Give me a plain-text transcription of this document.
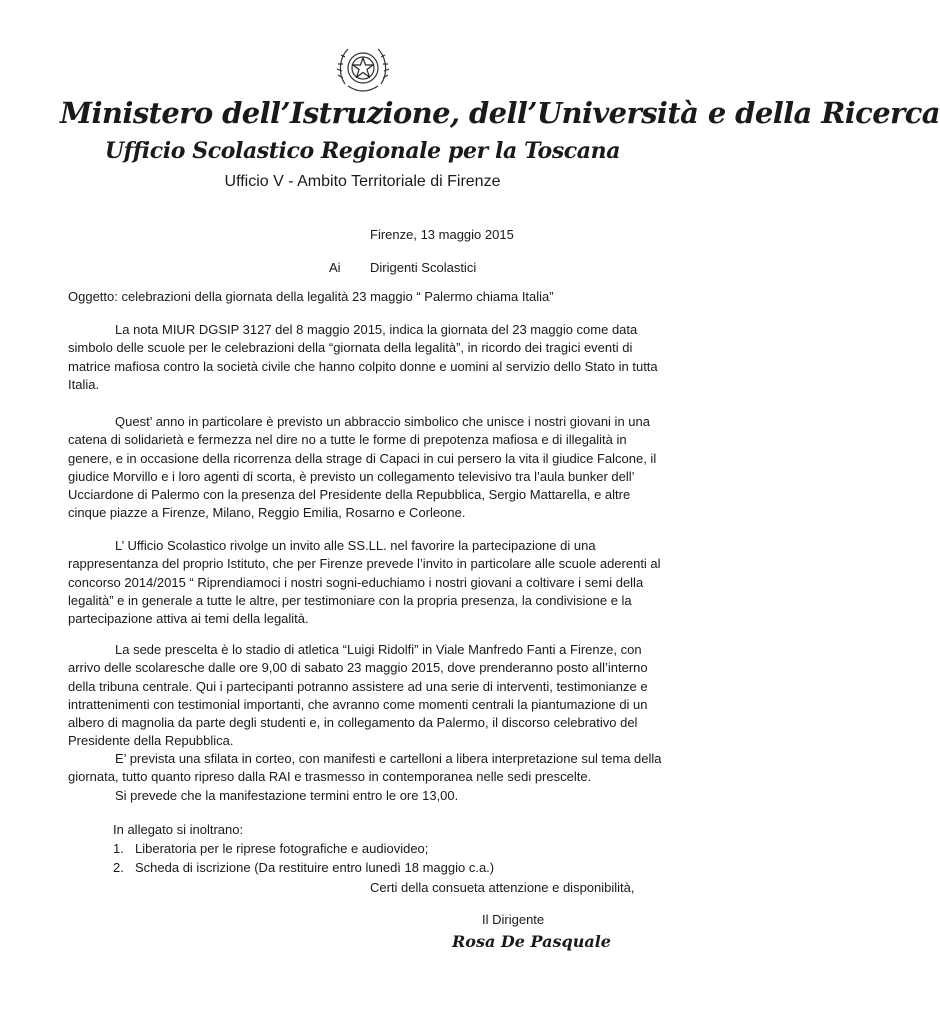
Ministero dell’Istruzione, dell’Università e della Ricerca
Ufficio Scolastico Regionale per la Toscana
Ufficio V - Ambito Territoriale di Firenze
Firenze, 13 maggio 2015
Ai Dirigenti Scolastici
Oggetto: celebrazioni della giornata della legalità 23 maggio “ Palermo chiama Italia”

La nota MIUR DGSIP 3127 del 8 maggio 2015, indica la giornata del 23 maggio come data simbolo delle scuole per le celebrazioni della “giornata della legalità”, in ricordo dei tragici eventi di matrice mafiosa contro la società civile che hanno colpito donne e uomini al servizio dello Stato in tutta Italia.

Quest’ anno in particolare è previsto un abbraccio simbolico che unisce i nostri giovani in una catena di solidarietà e fermezza nel dire no a tutte le forme di prepotenza mafiosa e di illegalità in genere, e in occasione della ricorrenza della strage di Capaci in cui persero la vita il giudice Falcone, il giudice Morvillo e i loro agenti di scorta, è previsto un collegamento televisivo tra l’aula bunker dell’ Ucciardone di Palermo con la presenza del Presidente della Repubblica, Sergio Mattarella, e altre cinque piazze a Firenze, Milano, Reggio Emilia, Rosarno e Corleone.

L’ Ufficio Scolastico rivolge un invito alle SS.LL. nel favorire la partecipazione di una rappresentanza del proprio Istituto, che per Firenze prevede l’invito in particolare alle scuole aderenti al concorso 2014/2015 “ Riprendiamoci i nostri sogni-educhiamo i nostri giovani a coltivare i semi della legalità” e in generale a tutte le altre, per testimoniare con la propria presenza, la condivisione e la partecipazione attiva ai temi della legalità.

La sede prescelta è lo stadio di atletica “Luigi Ridolfi” in Viale Manfredo Fanti a Firenze, con arrivo delle scolaresche dalle ore 9,00 di sabato 23 maggio 2015, dove prenderanno posto all’interno della tribuna centrale. Qui i partecipanti potranno assistere ad una serie di interventi, testimonianze e intrattenimenti con testimonial importanti, che avranno come momenti centrali la piantumazione di un albero di magnolia da parte degli studenti e, in collegamento da Palermo, il discorso celebrativo del Presidente della Repubblica.

E’ prevista una sfilata in corteo, con manifesti e cartelloni a libera interpretazione sul tema della giornata, tutto quanto ripreso dalla RAI e trasmesso in contemporanea nelle sedi prescelte.

Si prevede che la manifestazione termini entro le ore 13,00.

In allegato si inoltrano:
1. Liberatoria per le riprese fotografiche e audiovideo;
2. Scheda di iscrizione (Da restituire entro lunedì 18 maggio c.a.)
Certi della consueta attenzione e disponibilità,
Il Dirigente
Rosa De Pasquale
